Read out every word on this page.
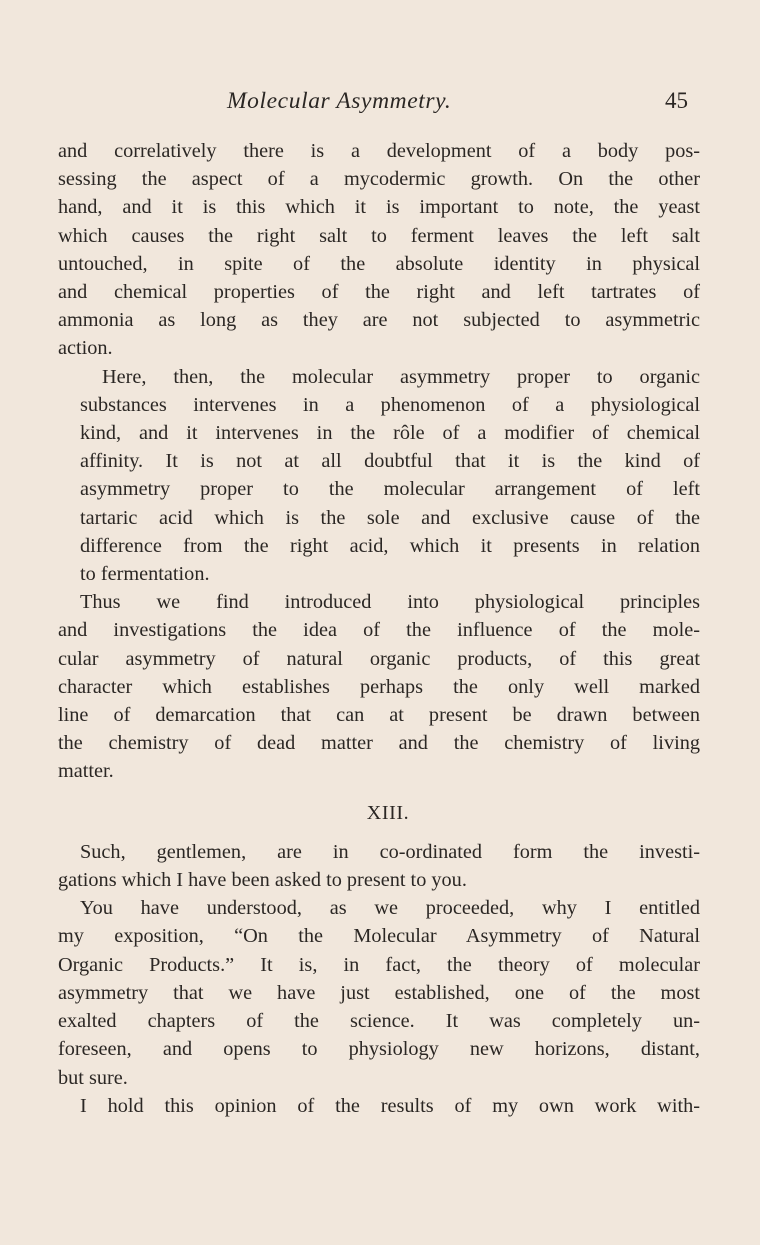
Molecular Asymmetry.	45

and correlatively there is a development of a body pos-
sessing the aspect of a mycodermic growth. On the other
hand, and it is this which it is important to note, the yeast
which causes the right salt to ferment leaves the left salt
untouched, in spite of the absolute identity in physical
and chemical properties of the right and left tartrates of
ammonia as long as they are not subjected to asymmetric
action.

Here, then, the molecular asymmetry proper to organic
substances intervenes in a phenomenon of a physiological
kind, and it intervenes in the rôle of a modifier of chemical
affinity. It is not at all doubtful that it is the kind of
asymmetry proper to the molecular arrangement of left
tartaric acid which is the sole and exclusive cause of the
difference from the right acid, which it presents in relation
to fermentation.

Thus we find introduced into physiological principles
and investigations the idea of the influence of the mole-
cular asymmetry of natural organic products, of this great
character which establishes perhaps the only well marked
line of demarcation that can at present be drawn between
the chemistry of dead matter and the chemistry of living
matter.

XIII.

Such, gentlemen, are in co-ordinated form the investi-
gations which I have been asked to present to you.

You have understood, as we proceeded, why I entitled
my exposition, “On the Molecular Asymmetry of Natural
Organic Products.” It is, in fact, the theory of molecular
asymmetry that we have just established, one of the most
exalted chapters of the science. It was completely un-
foreseen, and opens to physiology new horizons, distant,
but sure.

I hold this opinion of the results of my own work with-
